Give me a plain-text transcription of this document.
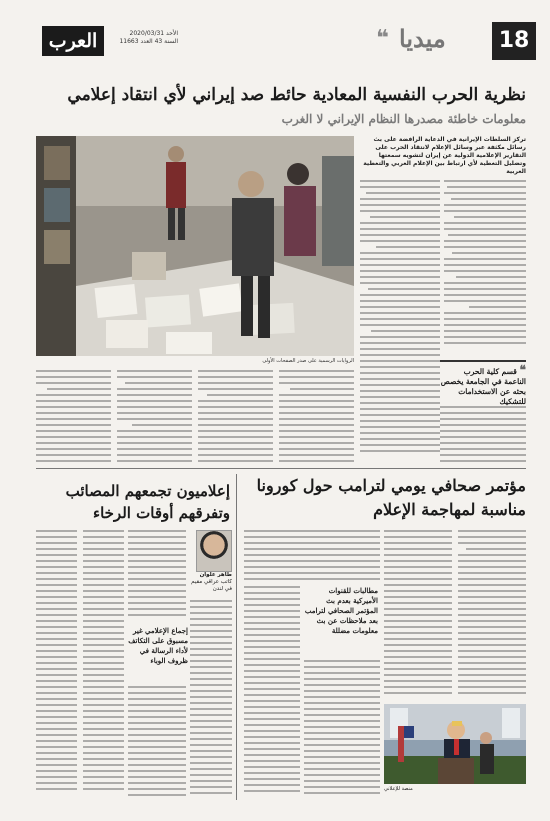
العرب	الأحد 2020/03/31
السنة 43 العدد 11663	❝ ميديا	18
نظرية الحرب النفسية المعادية حائط صد إيراني لأي انتقاد إعلامي
معلومات خاطئة مصدرها النظام الإيراني لا الغرب
الروايات الرسمية على صدر الصفحات الأولى
تركز السلطات الإيرانية في الدعاية الرافضة على بث رسائل مكثفة عبر وسائل الإعلام لانتقاد الحرب على التقارير الإعلامية الدولية عن إيران لتشويه سمعتها وتضليل التغطية لأي ارتباط بين الإعلام الغربي والتغطية العربية
❝ قسم كلية الحرب الناعمة في الجامعة يخصص بحثه عن الاستخدامات للتشكيك
مؤتمر صحافي يومي لترامب حول كورونا
مناسبة لمهاجمة الإعلام
مطالبات للقنوات الأميركية بعدم بث المؤتمر الصحافي لترامب بعد ملاحظات عن بث معلومات مضللة
منصة للإعلاني
إعلاميون تجمعهم المصائب
وتفرقهم أوقات الرخاء
طاهر علوان
كاتب عراقي مقيم في لندن
إجماع الإعلامي غير مسبوق على التكاتف لأداء الرسالة في ظروف الوباء
